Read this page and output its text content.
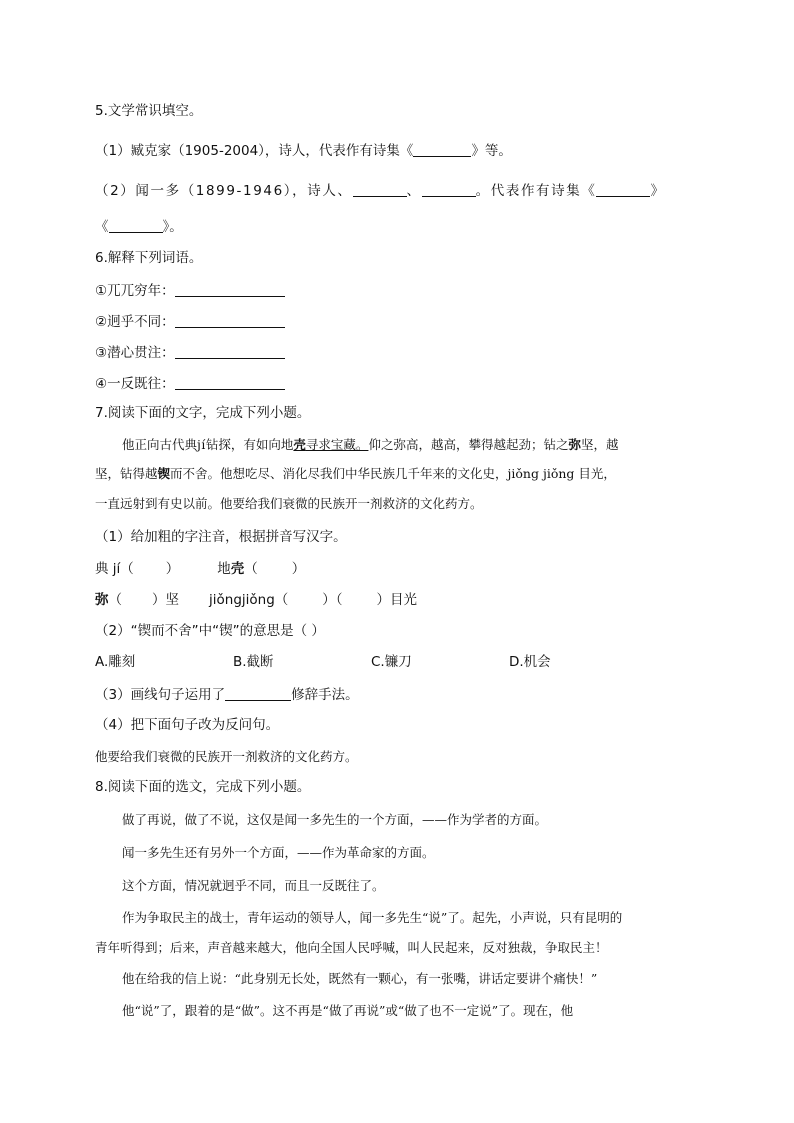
5.文学常识填空。
（1）臧克家（1905-2004），诗人，代表作有诗集《	》等。
（2）闻一多（1899-1946），诗人、	、	。代表作有诗集《	》
《	》。
6.解释下列词语。
①兀兀穷年：
②迥乎不同：
③潜心贯注：
④一反既往：
7.阅读下面的文字，完成下列小题。
他正向古代典jí钻探，有如向地壳寻求宝藏。仰之弥高，越高，攀得越起劲；钻之弥坚，越
坚，钻得越锲而不舍。他想吃尽、消化尽我们中华民族几千年来的文化史，jiǒng jiǒng 目光，
一直远射到有史以前。他要给我们衰微的民族开一剂救济的文化药方。
（1）给加粗的字注音，根据拼音写汉字。
典 jí（ ）	地壳（	）
弥（ ）坚 jiǒngjiǒng（	）（	）目光
（2）“锲而不舍”中“锲”的意思是（ ）
A.雕刻	B.截断	C.镰刀	D.机会
（3）画线句子运用了	修辞手法。
（4）把下面句子改为反问句。
他要给我们衰微的民族开一剂救济的文化药方。
8.阅读下面的选文，完成下列小题。
做了再说，做了不说，这仅是闻一多先生的一个方面，——作为学者的方面。
闻一多先生还有另外一个方面，——作为革命家的方面。
这个方面，情况就迥乎不同，而且一反既往了。
作为争取民主的战士，青年运动的领导人，闻一多先生“说”了。起先，小声说，只有昆明的
青年听得到；后来，声音越来越大，他向全国人民呼喊，叫人民起来，反对独裁，争取民主！
他在给我的信上说：“此身别无长处，既然有一颗心，有一张嘴，讲话定要讲个痛快！”
他“说”了，跟着的是“做”。这不再是“做了再说”或“做了也不一定说”了。现在，他
